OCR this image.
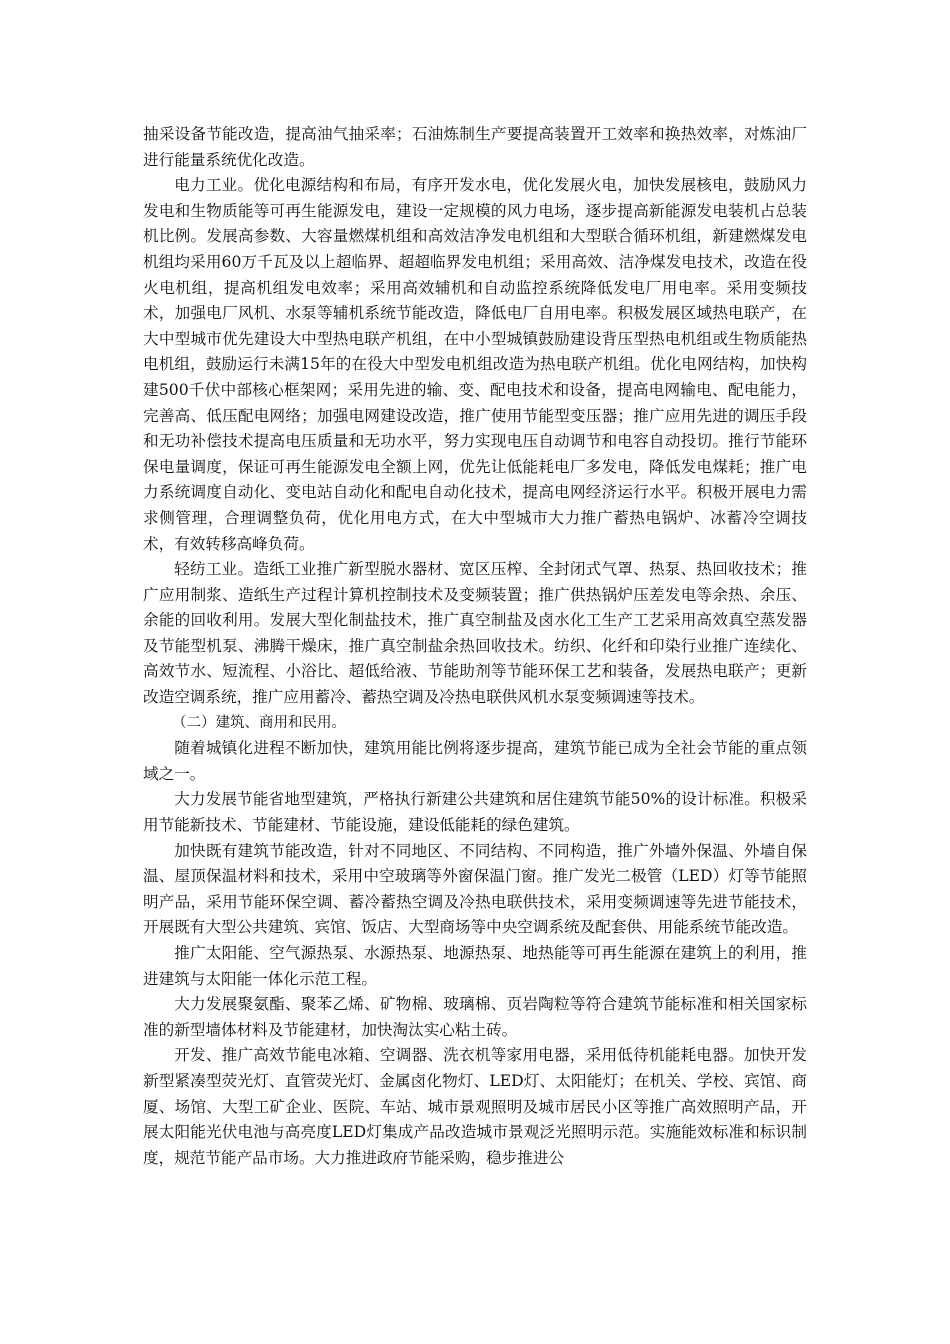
抽采设备节能改造，提高油气抽采率；石油炼制生产要提高装置开工效率和换热效率，对炼油厂进行能量系统优化改造。

电力工业。优化电源结构和布局，有序开发水电，优化发展火电，加快发展核电，鼓励风力发电和生物质能等可再生能源发电，建设一定规模的风力电场，逐步提高新能源发电装机占总装机比例。发展高参数、大容量燃煤机组和高效洁净发电机组和大型联合循环机组，新建燃煤发电机组均采用60万千瓦及以上超临界、超超临界发电机组；采用高效、洁净煤发电技术，改造在役火电机组，提高机组发电效率；采用高效辅机和自动监控系统降低发电厂用电率。采用变频技术，加强电厂风机、水泵等辅机系统节能改造，降低电厂自用电率。积极发展区域热电联产，在大中型城市优先建设大中型热电联产机组，在中小型城镇鼓励建设背压型热电机组或生物质能热电机组，鼓励运行未满15年的在役大中型发电机组改造为热电联产机组。优化电网结构，加快构建500千伏中部核心框架网；采用先进的输、变、配电技术和设备，提高电网输电、配电能力，完善高、低压配电网络；加强电网建设改造，推广使用节能型变压器；推广应用先进的调压手段和无功补偿技术提高电压质量和无功水平，努力实现电压自动调节和电容自动投切。推行节能环保电量调度，保证可再生能源发电全额上网，优先让低能耗电厂多发电，降低发电煤耗；推广电力系统调度自动化、变电站自动化和配电自动化技术，提高电网经济运行水平。积极开展电力需求侧管理，合理调整负荷，优化用电方式，在大中型城市大力推广蓄热电锅炉、冰蓄冷空调技术，有效转移高峰负荷。

轻纺工业。造纸工业推广新型脱水器材、宽区压榨、全封闭式气罩、热泵、热回收技术；推广应用制浆、造纸生产过程计算机控制技术及变频装置；推广供热锅炉压差发电等余热、余压、余能的回收利用。发展大型化制盐技术，推广真空制盐及卤水化工生产工艺采用高效真空蒸发器及节能型机泵、沸腾干燥床，推广真空制盐余热回收技术。纺织、化纤和印染行业推广连续化、高效节水、短流程、小浴比、超低给液、节能助剂等节能环保工艺和装备，发展热电联产；更新改造空调系统，推广应用蓄冷、蓄热空调及冷热电联供风机水泵变频调速等技术。

（二）建筑、商用和民用。

随着城镇化进程不断加快，建筑用能比例将逐步提高，建筑节能已成为全社会节能的重点领域之一。

大力发展节能省地型建筑，严格执行新建公共建筑和居住建筑节能50%的设计标准。积极采用节能新技术、节能建材、节能设施，建设低能耗的绿色建筑。

加快既有建筑节能改造，针对不同地区、不同结构、不同构造，推广外墙外保温、外墙自保温、屋顶保温材料和技术，采用中空玻璃等外窗保温门窗。推广发光二极管（LED）灯等节能照明产品，采用节能环保空调、蓄冷蓄热空调及冷热电联供技术，采用变频调速等先进节能技术，开展既有大型公共建筑、宾馆、饭店、大型商场等中央空调系统及配套供、用能系统节能改造。

推广太阳能、空气源热泵、水源热泵、地源热泵、地热能等可再生能源在建筑上的利用，推进建筑与太阳能一体化示范工程。

大力发展聚氨酯、聚苯乙烯、矿物棉、玻璃棉、页岩陶粒等符合建筑节能标准和相关国家标准的新型墙体材料及节能建材，加快淘汰实心粘土砖。

开发、推广高效节能电冰箱、空调器、洗衣机等家用电器，采用低待机能耗电器。加快开发新型紧凑型荧光灯、直管荧光灯、金属卤化物灯、LED灯、太阳能灯；在机关、学校、宾馆、商厦、场馆、大型工矿企业、医院、车站、城市景观照明及城市居民小区等推广高效照明产品，开展太阳能光伏电池与高亮度LED灯集成产品改造城市景观泛光照明示范。实施能效标准和标识制度，规范节能产品市场。大力推进政府节能采购，稳步推进公
